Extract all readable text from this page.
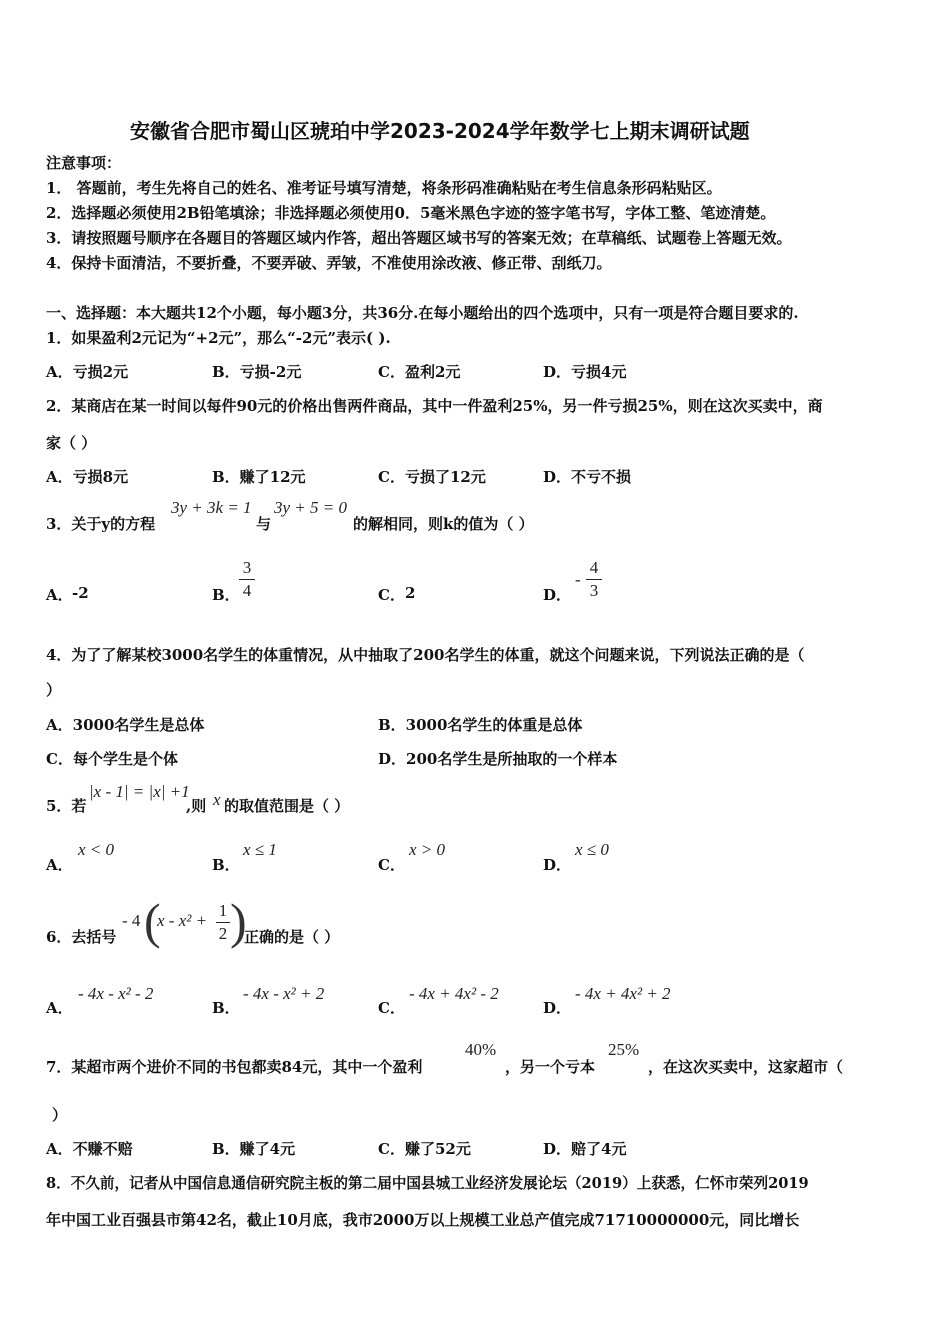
安徽省合肥市蜀山区琥珀中学2023-2024学年数学七上期末调研试题
注意事项：
1． 答题前，考生先将自己的姓名、准考证号填写清楚，将条形码准确粘贴在考生信息条形码粘贴区。
2．选择题必须使用2B铅笔填涂；非选择题必须使用0．5毫米黑色字迹的签字笔书写，字体工整、笔迹清楚。
3．请按照题号顺序在各题目的答题区域内作答，超出答题区域书写的答案无效；在草稿纸、试题卷上答题无效。
4．保持卡面清洁，不要折叠，不要弄破、弄皱，不准使用涂改液、修正带、刮纸刀。
一、选择题：本大题共12个小题，每小题3分，共36分.在每小题给出的四个选项中，只有一项是符合题目要求的.
1．如果盈利2元记为“+2元”，那么“-2元”表示( ).
A．亏损2元	B．亏损-2元	C．盈利2元	D．亏损4元
2．某商店在某一时间以每件90元的价格出售两件商品，其中一件盈利25%，另一件亏损25%，则在这次买卖中，商
家（ ）
A．亏损8元	B．赚了12元	C．亏损了12元	D．不亏不损
3．关于y的方程
3y + 3k = 1
与
3y + 5 = 0
的解相同，则k的值为（ ）
A． -2	B．
3
4	C． 2	D．
-
4
3
4．为了了解某校3000名学生的体重情况，从中抽取了200名学生的体重，就这个问题来说，下列说法正确的是（
）
A．3000名学生是总体	B．3000名学生的体重是总体
C．每个学生是个体	D．200名学生是所抽取的一个样本
5．若
|x - 1| = |x| +1
,则 x 的取值范围是（ ）
A．
x < 0
B．
x ≤ 1
C．
x > 0
D．
x ≤ 0
6．去括号
- 4 (
x - x² +
1
2 )
正确的是（ ）
A．
- 4x - x² - 2
B．
- 4x - x² + 2
C．
- 4x + 4x² - 2
D．
- 4x + 4x² + 2
7．某超市两个进价不同的书包都卖84元，其中一个盈利
40%
，另一个亏本
25%
，在这次买卖中，这家超市（
）
A．不赚不赔	B．赚了4元	C．赚了52元	D．赔了4元
8．不久前，记者从中国信息通信研究院主板的第二届中国县城工业经济发展论坛（2019）上获悉，仁怀市荣列2019
年中国工业百强县市第42名，截止10月底，我市2000万以上规模工业总产值完成71710000000元，同比增长
